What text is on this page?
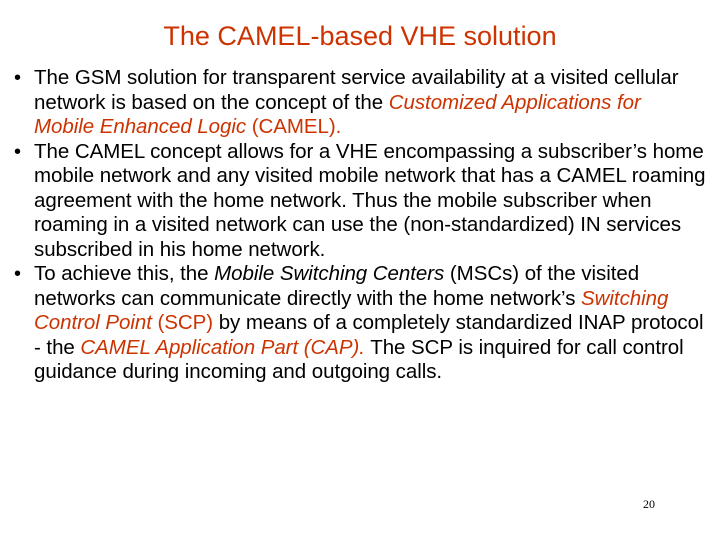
The CAMEL-based VHE solution
• The GSM solution for transparent service availability at a visited cellular network is based on the concept of the Customized Applications for Mobile Enhanced Logic (CAMEL).
• The CAMEL concept allows for a VHE encompassing a subscriber’s home mobile network and any visited mobile network that has a CAMEL roaming agreement with the home network. Thus the mobile subscriber when roaming in a visited network can use the (non-standardized) IN services subscribed in his home network.
• To achieve this, the Mobile Switching Centers (MSCs) of the visited networks can communicate directly with the home network’s Switching Control Point (SCP) by means of a completely standardized INAP protocol - the CAMEL Application Part (CAP). The SCP is inquired for call control guidance during incoming and outgoing calls.
20
